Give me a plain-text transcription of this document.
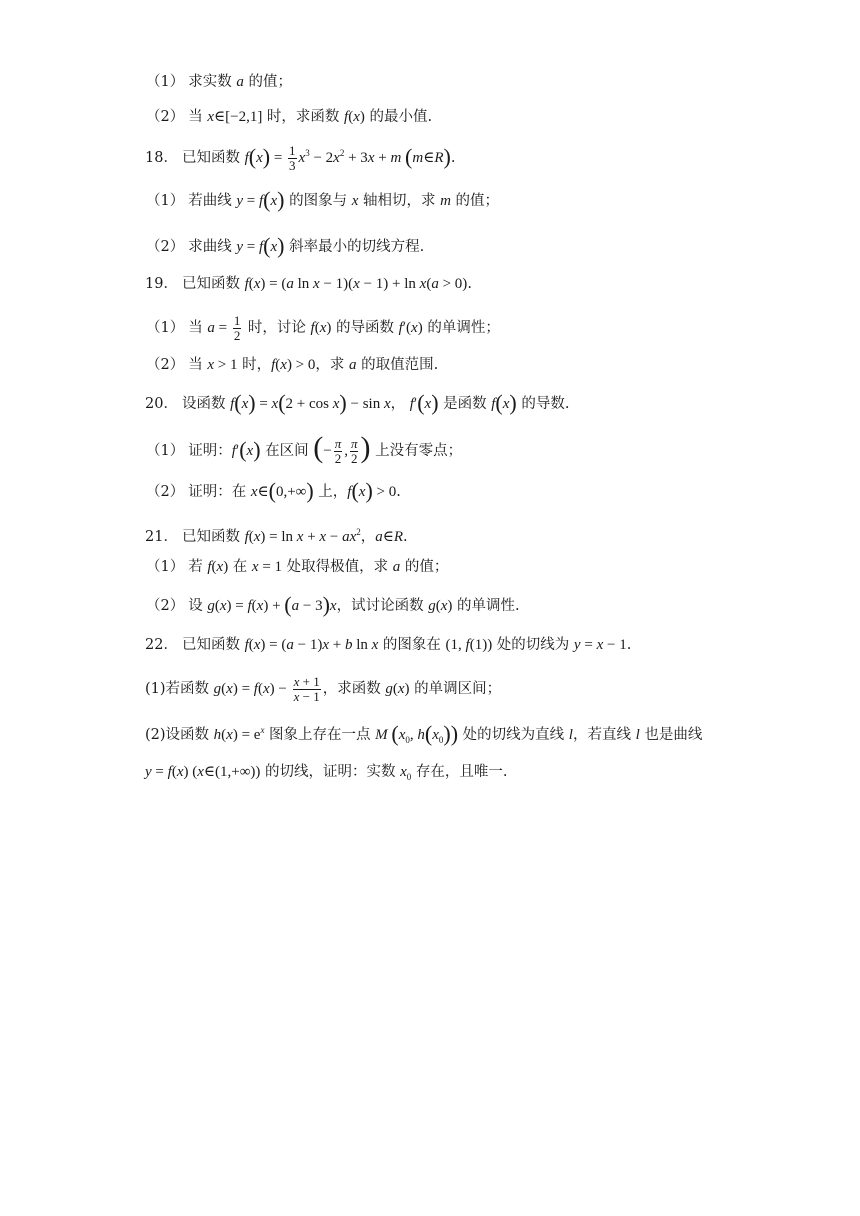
（1） 求实数 a 的值；
（2） 当 x∈[−2,1] 时，求函数 f(x) 的最小值.
18． 已知函数 $f(x) = \frac{1}{3} x^3 - 2x^2 + 3x + m$ (m∈R).
（1） 若曲线 y = f(x) 的图象与 x 轴相切，求 m 的值；
（2） 求曲线 y = f(x) 斜率最小的切线方程.
19． 已知函数 f(x) = (a ln x − 1)(x − 1) + ln x(a > 0).
（1） 当 $a = \frac{1}{2}$ 时，讨论 f(x) 的导函数 f′(x) 的单调性；
（2） 当 x > 1 时，f(x) > 0，求 a 的取值范围.
20． 设函数 f(x) = x(2 + cos x) − sin x， f′(x) 是函数 f(x) 的导数.
（1） 证明：f′(x) 在区间 (− $\frac{\pi}{2}$ , $\frac{\pi}{2}$ ) 上没有零点；
（2） 证明：在 x∈(0,+∞) 上，f(x) > 0.
21． 已知函数 $f(x) = \ln x + x - ax^2$，a∈R.
（1） 若 f(x) 在 x = 1 处取得极值，求 a 的值；
（2） 设 g(x) = f(x) + (a − 3)x，试讨论函数 g(x) 的单调性.
22． 已知函数 f(x) = (a − 1)x + b ln x 的图象在 (1, f(1)) 处的切线为 y = x − 1.
(1)若函数 $g(x) = f(x) - \frac{x + 1}{x - 1}$ ，求函数 g(x) 的单调区间；
(2)设函数 $h(x) = e^x$ 图象上存在一点 M ($x_0$, $h(x_0)$) 处的切线为直线 l，若直线 l 也是曲线
y = f(x) (x∈(1,+∞)) 的切线，证明：实数 $x_0$ 存在，且唯一.
